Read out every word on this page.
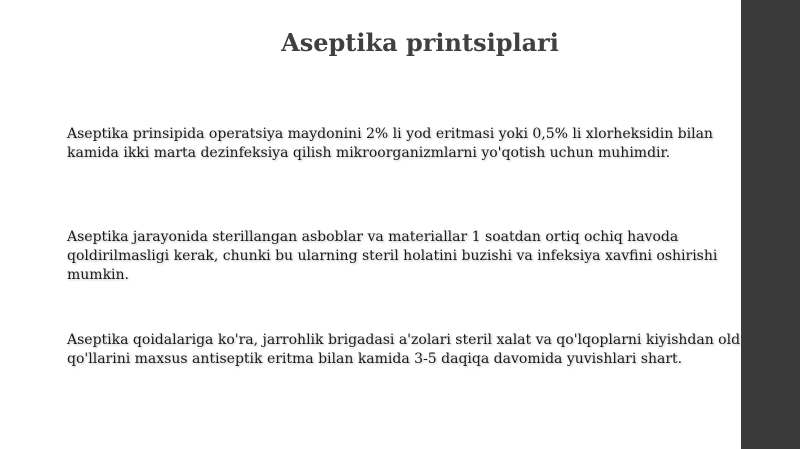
Aseptika printsiplari

Aseptika prinsipida operatsiya maydonini 2% li yod eritmasi yoki 0,5% li xlorheksidin bilan
kamida ikki marta dezinfeksiya qilish mikroorganizmlarni yo'qotish uchun muhimdir.

Aseptika jarayonida sterillangan asboblar va materiallar 1 soatdan ortiq ochiq havoda
qoldirilmasligi kerak, chunki bu ularning steril holatini buzishi va infeksiya xavfini oshirishi
mumkin.

Aseptika qoidalariga ko'ra, jarrohlik brigadasi a'zolari steril xalat va qo'lqoplarni kiyishdan old
qo'llarini maxsus antiseptik eritma bilan kamida 3-5 daqiqa davomida yuvishlari shart.
